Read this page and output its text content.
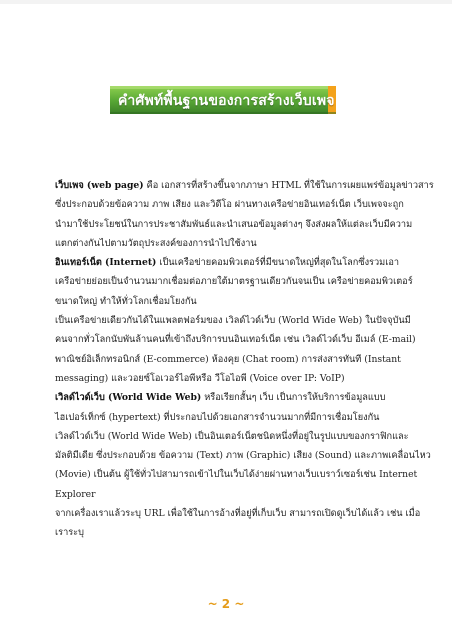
คำศัพท์พื้นฐานของการสร้างเว็บเพจ

เว็บเพจ (web page) คือ เอกสารที่สร้างขึ้นจากภาษา HTML ที่ใช้ในการเผยแพร่ข้อมูลข่าวสาร
ซึ่งประกอบด้วยข้อความ ภาพ เสียง และวิดีโอ ผ่านทางเครือข่ายอินเทอร์เน็ต เว็บเพจจะถูก
นำมาใช้ประโยชน์ในการประชาสัมพันธ์และนำเสนอข้อมูลต่างๆ จึงส่งผลให้แต่ละเว็บมีความ
แตกต่างกันไปตามวัตถุประสงค์ของการนำไปใช้งาน

อินเทอร์เน็ต (Internet) เป็นเครือข่ายคอมพิวเตอร์ที่มีขนาดใหญ่ที่สุดในโลกซึ่งรวมเอา
เครือข่ายย่อยเป็นจำนวนมากเชื่อมต่อภายใต้มาตรฐานเดียวกันจนเป็น เครือข่ายคอมพิวเตอร์
ขนาดใหญ่ ทำให้ทั่วโลกเชื่อมโยงกัน

เป็นเครือข่ายเดียวกันได้ในแพลตฟอร์มของ เวิลด์ไวด์เว็บ (World Wide Web) ในปัจจุบันมี
คนจากทั่วโลกนับพันล้านคนที่เข้าถึงบริการบนอินเทอร์เน็ต เช่น เวิลด์ไวด์เว็บ อีเมล์ (E-mail)
พาณิชย์อิเล็กทรอนิกส์ (E-commerce) ห้องคุย (Chat room) การส่งสารทันที (Instant
messaging) และวอยซ์โอเวอร์ไอพีหรือ วีโอไอพี (Voice over IP: VoIP)

เวิลด์ไวด์เว็บ (World Wide Web) หรือเรียกสั้นๆ เว็บ เป็นการให้บริการข้อมูลแบบ
ไฮเปอร์เท็กซ์ (hypertext) ที่ประกอบไปด้วยเอกสารจำนวนมากที่มีการเชื่อมโยงกัน
เวิลด์ไวด์เว็บ (World Wide Web) เป็นอินเตอร์เน็ตชนิดหนึ่งที่อยู่ในรูปแบบของกราฟิกและ
มัลติมีเดีย ซึ่งประกอบด้วย ข้อความ (Text) ภาพ (Graphic) เสียง (Sound) และภาพเคลื่อนไหว
(Movie) เป็นต้น ผู้ใช้ทั่วไปสามารถเข้าไปในเว็บได้ง่ายผ่านทางเว็บเบราว์เซอร์เช่น Internet
Explorer

จากเครื่องเราแล้วระบุ URL เพื่อใช้ในการอ้างที่อยู่ที่เก็บเว็บ สามารถเปิดดูเว็บได้แล้ว เช่น เมื่อ
เราระบุ

~ 2 ~
